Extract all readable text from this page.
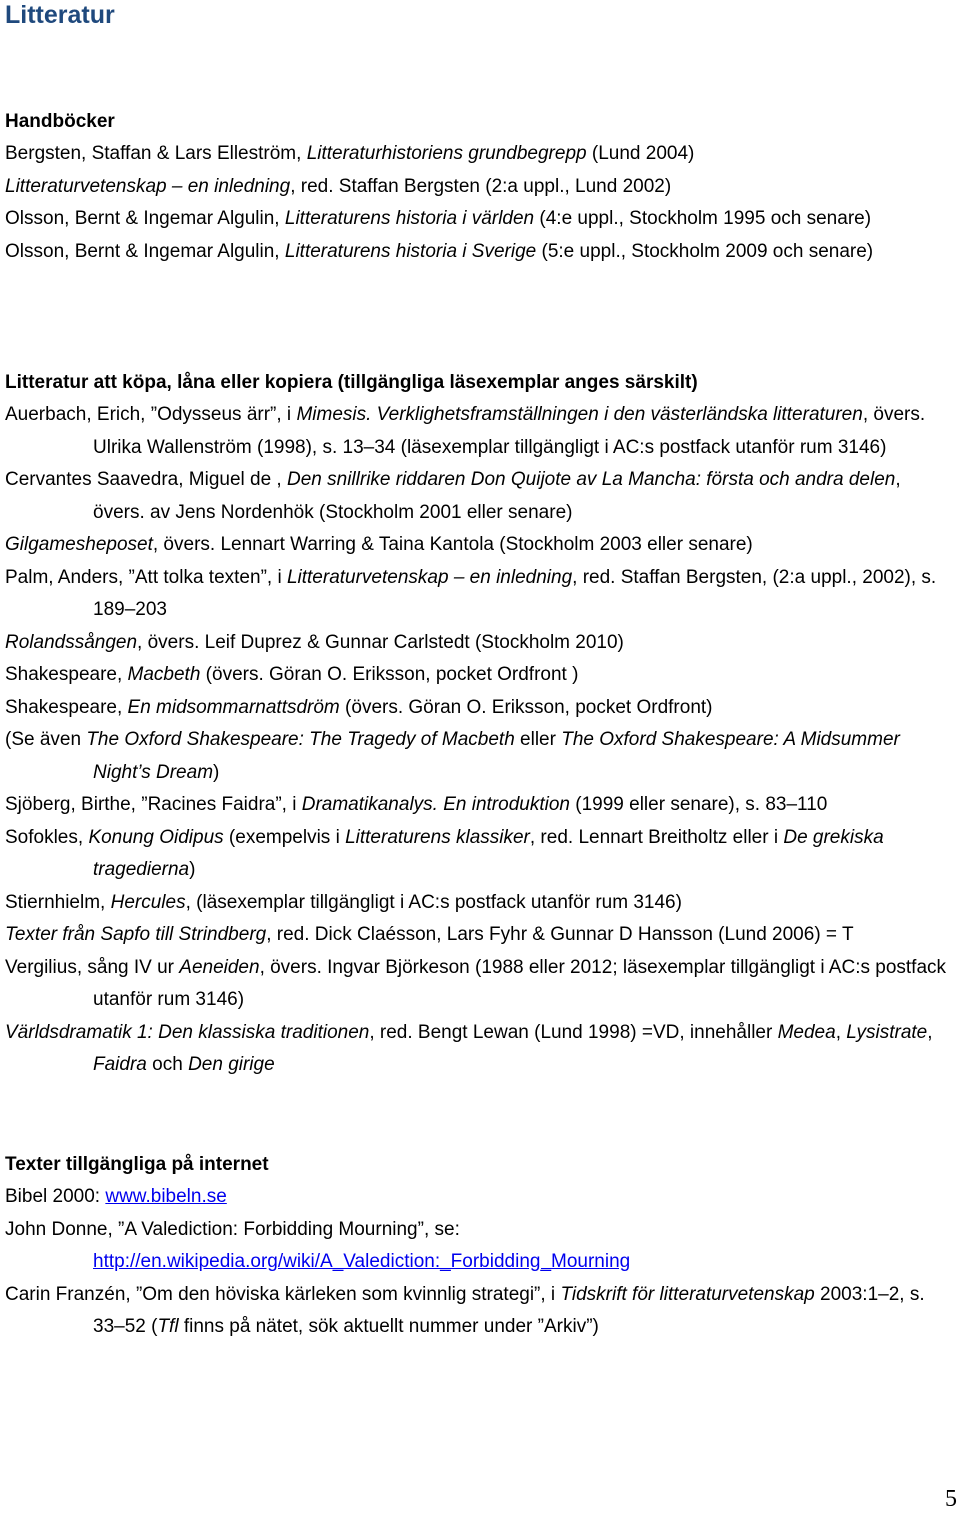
Litteratur
Handböcker
Bergsten, Staffan & Lars Elleström, Litteraturhistoriens grundbegrepp (Lund 2004)
Litteraturvetenskap – en inledning, red. Staffan Bergsten (2:a uppl., Lund 2002)
Olsson, Bernt & Ingemar Algulin, Litteraturens historia i världen (4:e uppl., Stockholm 1995 och senare)
Olsson, Bernt & Ingemar Algulin, Litteraturens historia i Sverige (5:e uppl., Stockholm 2009 och senare)
Litteratur att köpa, låna eller kopiera (tillgängliga läsexemplar anges särskilt)
Auerbach, Erich, ”Odysseus ärr”, i Mimesis. Verklighetsframställningen i den västerländska litteraturen, övers. Ulrika Wallenström (1998), s. 13–34 (läsexemplar tillgängligt i AC:s postfack utanför rum 3146)
Cervantes Saavedra, Miguel de , Den snillrike riddaren Don Quijote av La Mancha: första och andra delen, övers. av Jens Nordenhök (Stockholm 2001 eller senare)
Gilgamesheposet, övers. Lennart Warring & Taina Kantola (Stockholm 2003 eller senare)
Palm, Anders, ”Att tolka texten”, i Litteraturvetenskap – en inledning, red. Staffan Bergsten, (2:a uppl., 2002), s. 189–203
Rolandssången, övers. Leif Duprez & Gunnar Carlstedt (Stockholm 2010)
Shakespeare, Macbeth (övers. Göran O. Eriksson, pocket Ordfront )
Shakespeare, En midsommarnattsdröm (övers. Göran O. Eriksson, pocket Ordfront)
(Se även The Oxford Shakespeare: The Tragedy of Macbeth eller The Oxford Shakespeare: A Midsummer Night’s Dream)
Sjöberg, Birthe, ”Racines Faidra”, i Dramatikanalys. En introduktion (1999 eller senare), s. 83–110
Sofokles, Konung Oidipus (exempelvis i Litteraturens klassiker, red. Lennart Breitholtz eller i De grekiska tragedierna)
Stiernhielm, Hercules, (läsexemplar tillgängligt i AC:s postfack utanför rum 3146)
Texter från Sapfo till Strindberg, red. Dick Claésson, Lars Fyhr & Gunnar D Hansson (Lund 2006) = T
Vergilius, sång IV ur Aeneiden, övers. Ingvar Björkeson (1988 eller 2012; läsexemplar tillgängligt i AC:s postfack utanför rum 3146)
Världsdramatik 1: Den klassiska traditionen, red. Bengt Lewan (Lund 1998) =VD, innehåller Medea, Lysistrate, Faidra och Den girige
Texter tillgängliga på internet
Bibel 2000: www.bibeln.se
John Donne, ”A Valediction: Forbidding Mourning”, se:
http://en.wikipedia.org/wiki/A_Valediction:_Forbidding_Mourning
Carin Franzén, ”Om den höviska kärleken som kvinnlig strategi”, i Tidskrift för litteraturvetenskap 2003:1–2, s. 33–52 (Tfl finns på nätet, sök aktuellt nummer under ”Arkiv”)
5
